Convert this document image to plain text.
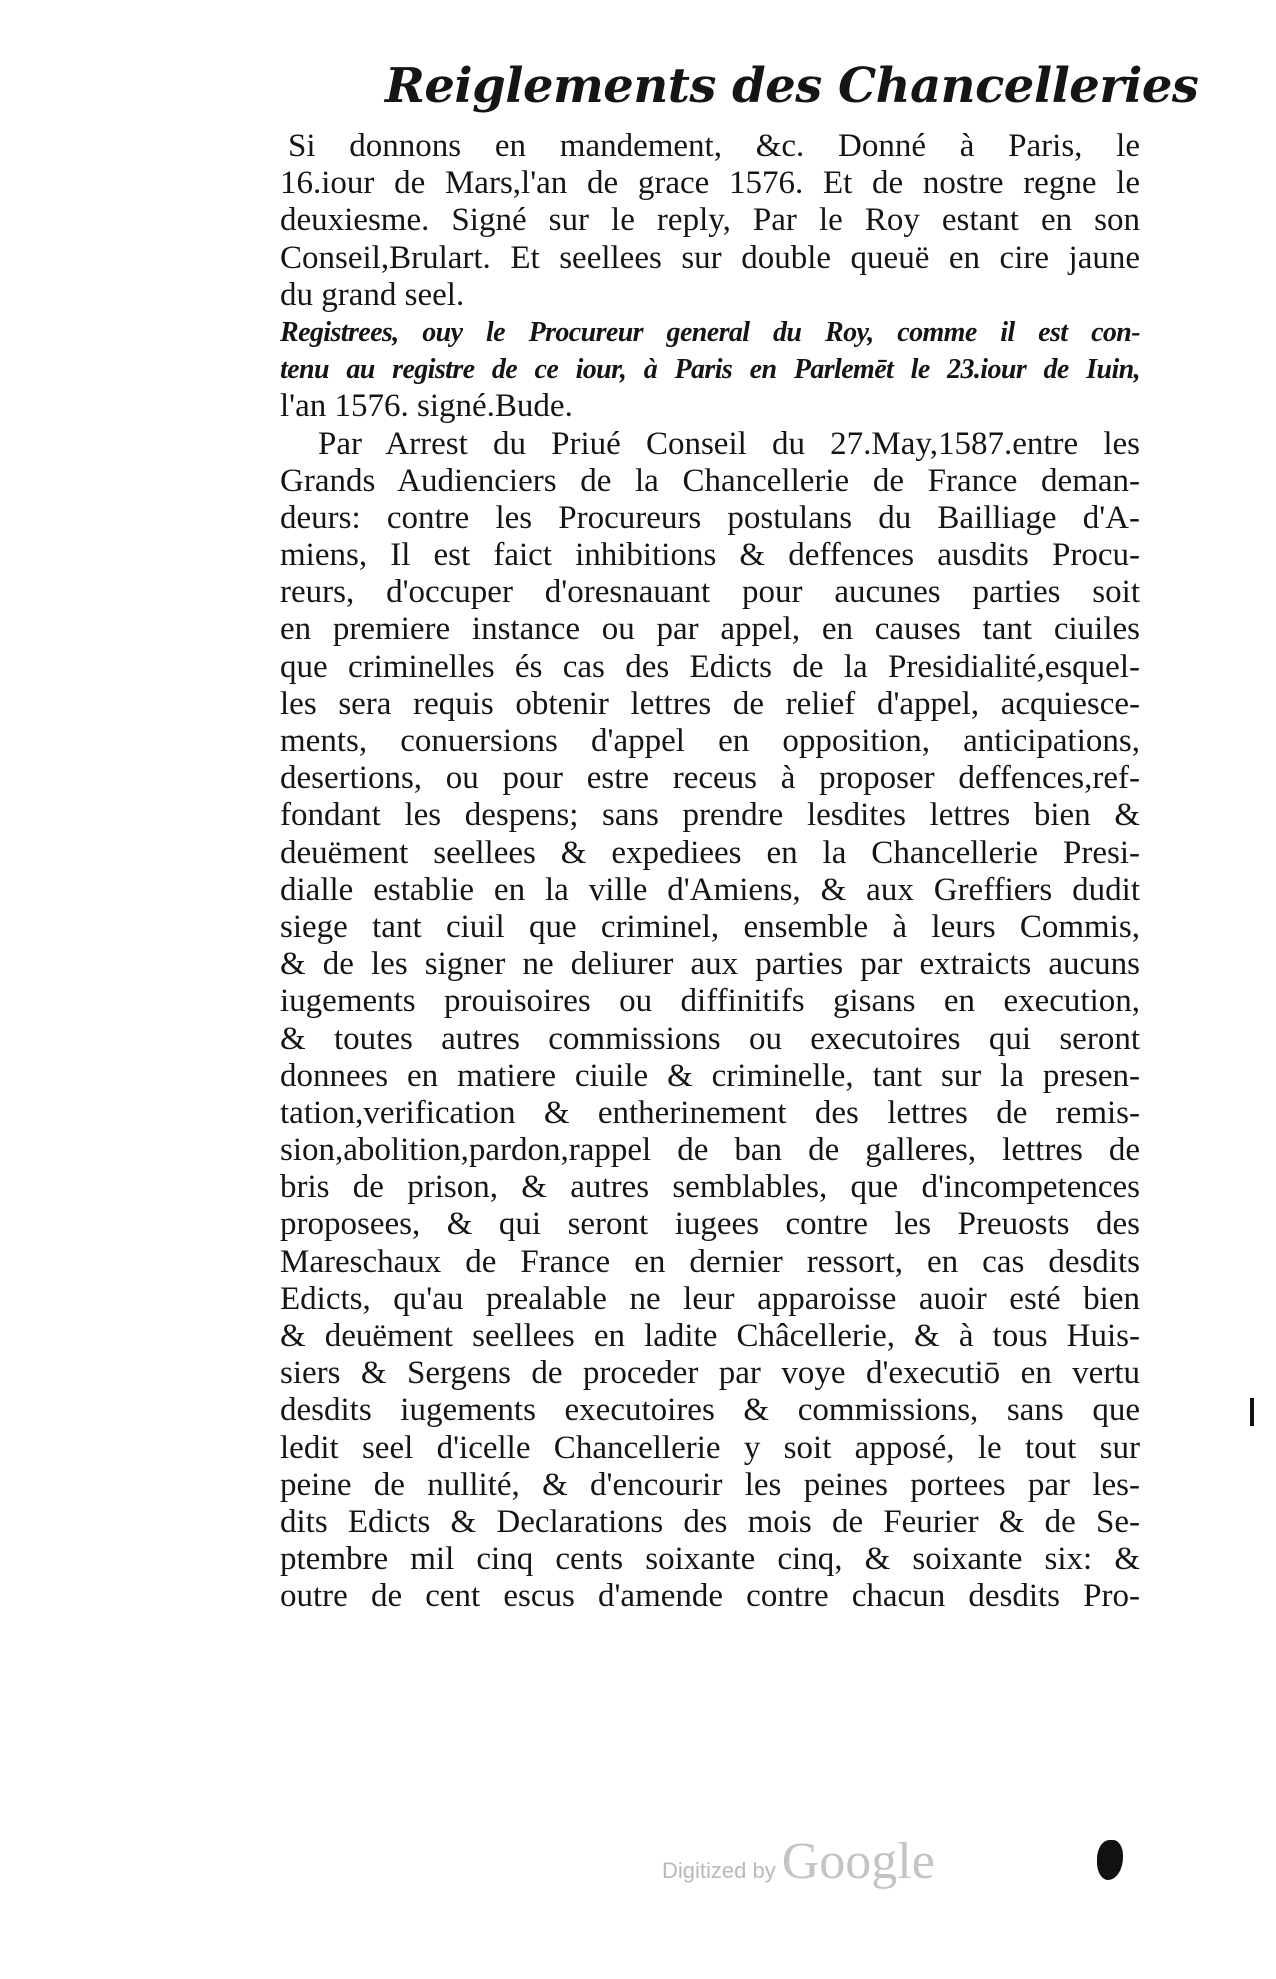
Reiglements des Chancelleries
Si donnons en mandement, &c. Donné à Paris, le
16.iour de Mars,l'an de grace 1576. Et de nostre regne le
deuxiesme. Signé sur le reply, Par le Roy estant en son
Conseil,Brulart. Et seellees sur double queuë en cire jaune
du grand seel.
Registrees, ouy le Procureur general du Roy, comme il est con-
tenu au registre de ce iour, à Paris en Parlemēt le 23.iour de Iuin,
l'an 1576. signé.Bude.
Par Arrest du Priué Conseil du 27.May,1587.entre les
Grands Audienciers de la Chancellerie de France deman-
deurs: contre les Procureurs postulans du Bailliage d'A-
miens, Il est faict inhibitions & deffences ausdits Procu-
reurs, d'occuper d'oresnauant pour aucunes parties soit
en premiere instance ou par appel, en causes tant ciuiles
que criminelles és cas des Edicts de la Presidialité,esquel-
les sera requis obtenir lettres de relief d'appel, acquiesce-
ments, conuersions d'appel en opposition, anticipations,
desertions, ou pour estre receus à proposer deffences,ref-
fondant les despens; sans prendre lesdites lettres bien &
deuëment seellees & expediees en la Chancellerie Presi-
dialle establie en la ville d'Amiens, & aux Greffiers dudit
siege tant ciuil que criminel, ensemble à leurs Commis,
& de les signer ne deliurer aux parties par extraicts aucuns
iugements prouisoires ou diffinitifs gisans en execution,
& toutes autres commissions ou executoires qui seront
donnees en matiere ciuile & criminelle, tant sur la presen-
tation,verification & entherinement des lettres de remis-
sion,abolition,pardon,rappel de ban de galleres, lettres de
bris de prison, & autres semblables, que d'incompetences
proposees, & qui seront iugees contre les Preuosts des
Mareschaux de France en dernier ressort, en cas desdits
Edicts, qu'au prealable ne leur apparoisse auoir esté bien
& deuëment seellees en ladite Châcellerie, & à tous Huis-
siers & Sergens de proceder par voye d'executiō en vertu
desdits iugements executoires & commissions, sans que
ledit seel d'icelle Chancellerie y soit apposé, le tout sur
peine de nullité, & d'encourir les peines portees par les-
dits Edicts & Declarations des mois de Feurier & de Se-
ptembre mil cinq cents soixante cinq, & soixante six: &
outre de cent escus d'amende contre chacun desdits Pro-
Digitized by Google
